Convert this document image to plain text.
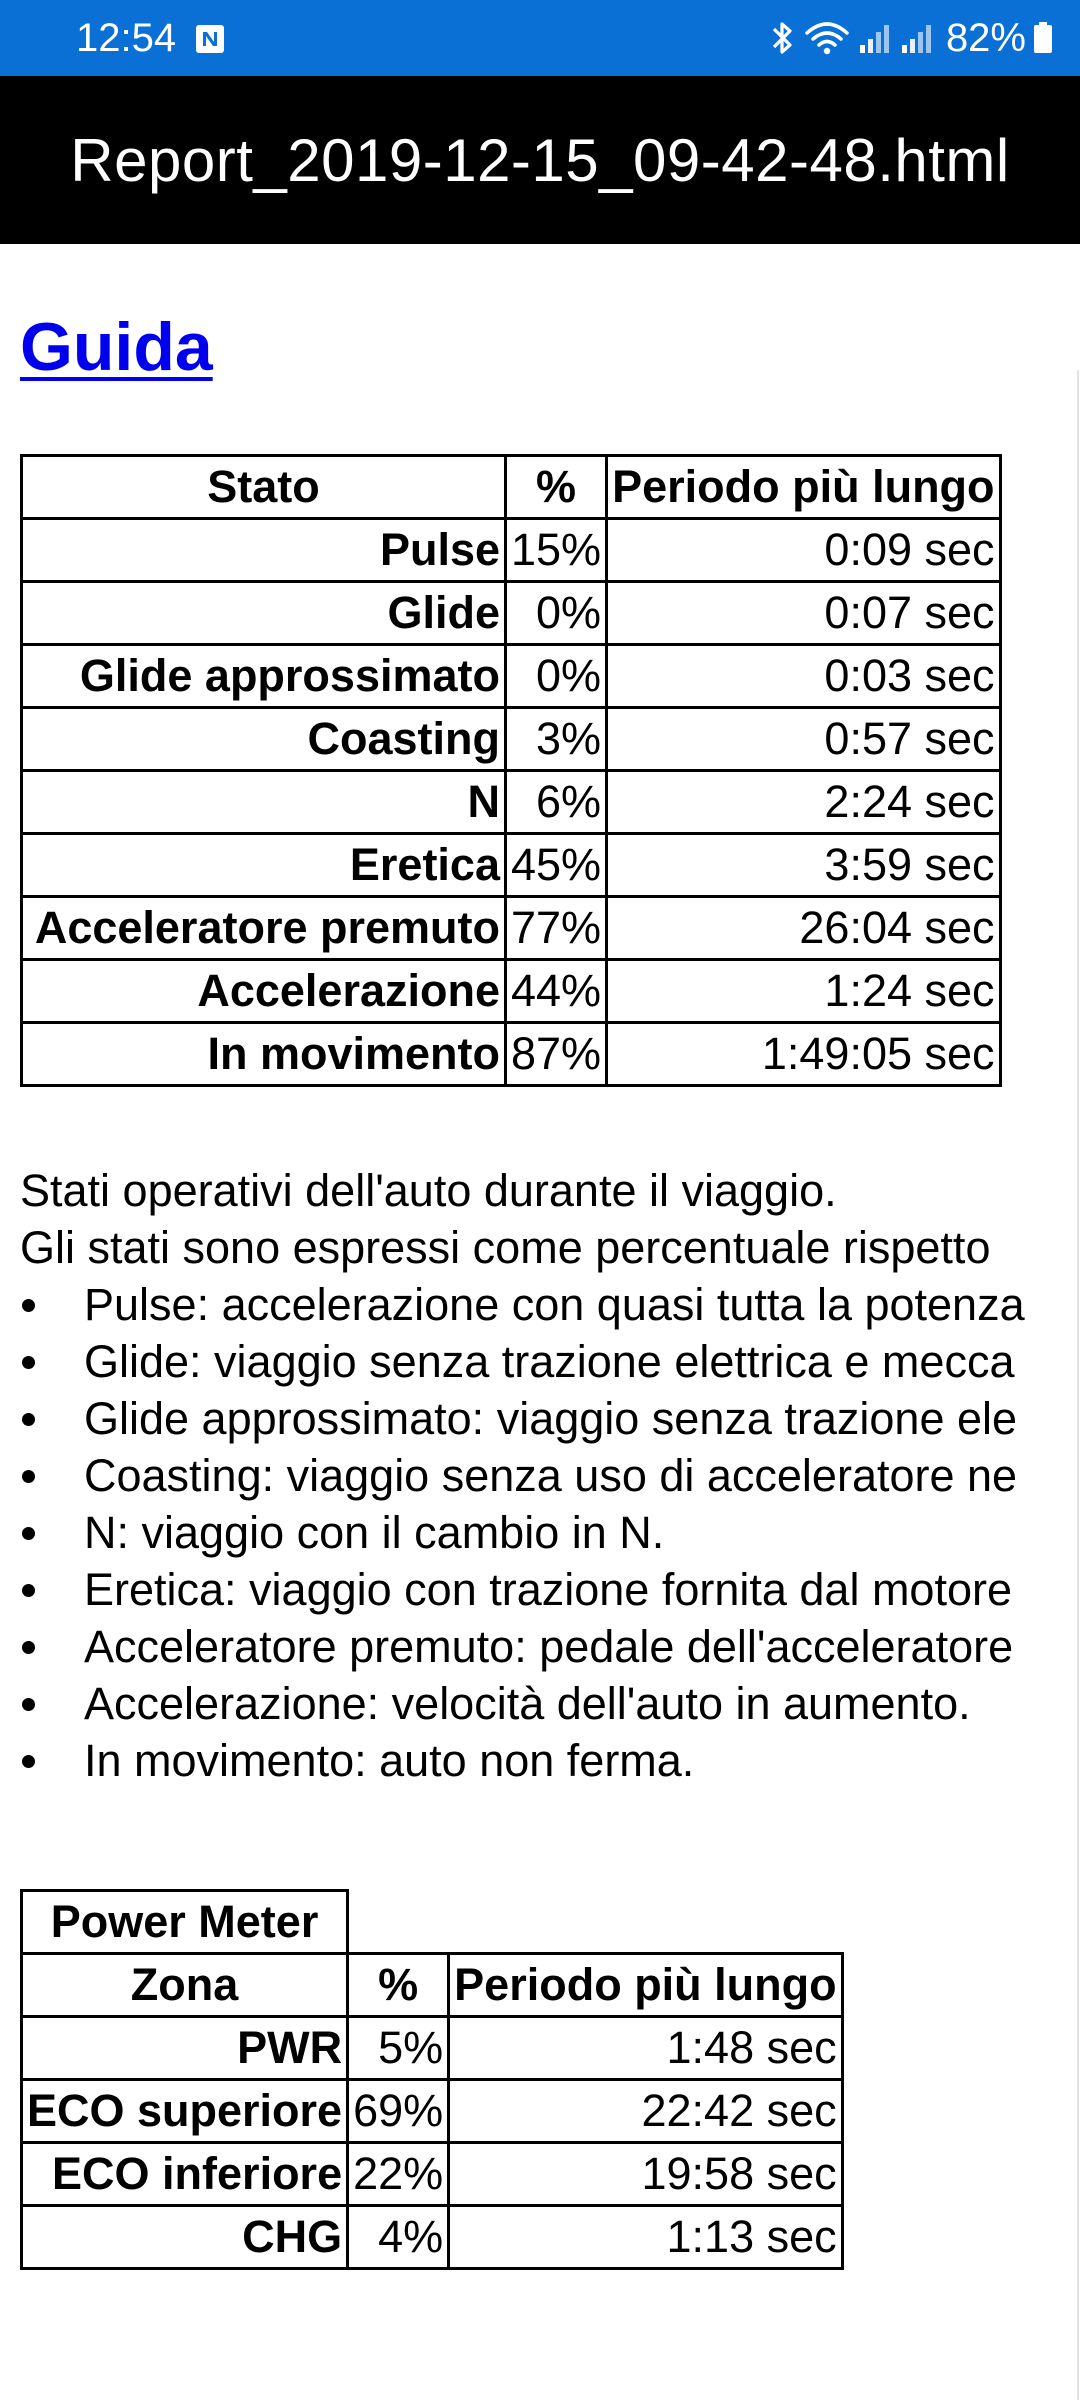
12:54	82%
Report_2019-12-15_09-42-48.html
Guida
Stato	%	Periodo più lungo
Pulse	15%	0:09 sec
Glide	0%	0:07 sec
Glide approssimato	0%	0:03 sec
Coasting	3%	0:57 sec
N	6%	2:24 sec
Eretica	45%	3:59 sec
Acceleratore premuto	77%	26:04 sec
Accelerazione	44%	1:24 sec
In movimento	87%	1:49:05 sec
Stati operativi dell'auto durante il viaggio.
Gli stati sono espressi come percentuale rispetto
Pulse: accelerazione con quasi tutta la potenza
Glide: viaggio senza trazione elettrica e mecca
Glide approssimato: viaggio senza trazione ele
Coasting: viaggio senza uso di acceleratore ne
N: viaggio con il cambio in N.
Eretica: viaggio con trazione fornita dal motore
Acceleratore premuto: pedale dell'acceleratore
Accelerazione: velocità dell'auto in aumento.
In movimento: auto non ferma.
Power Meter		
Zona	%	Periodo più lungo
PWR	5%	1:48 sec
ECO superiore	69%	22:42 sec
ECO inferiore	22%	19:58 sec
CHG	4%	1:13 sec
